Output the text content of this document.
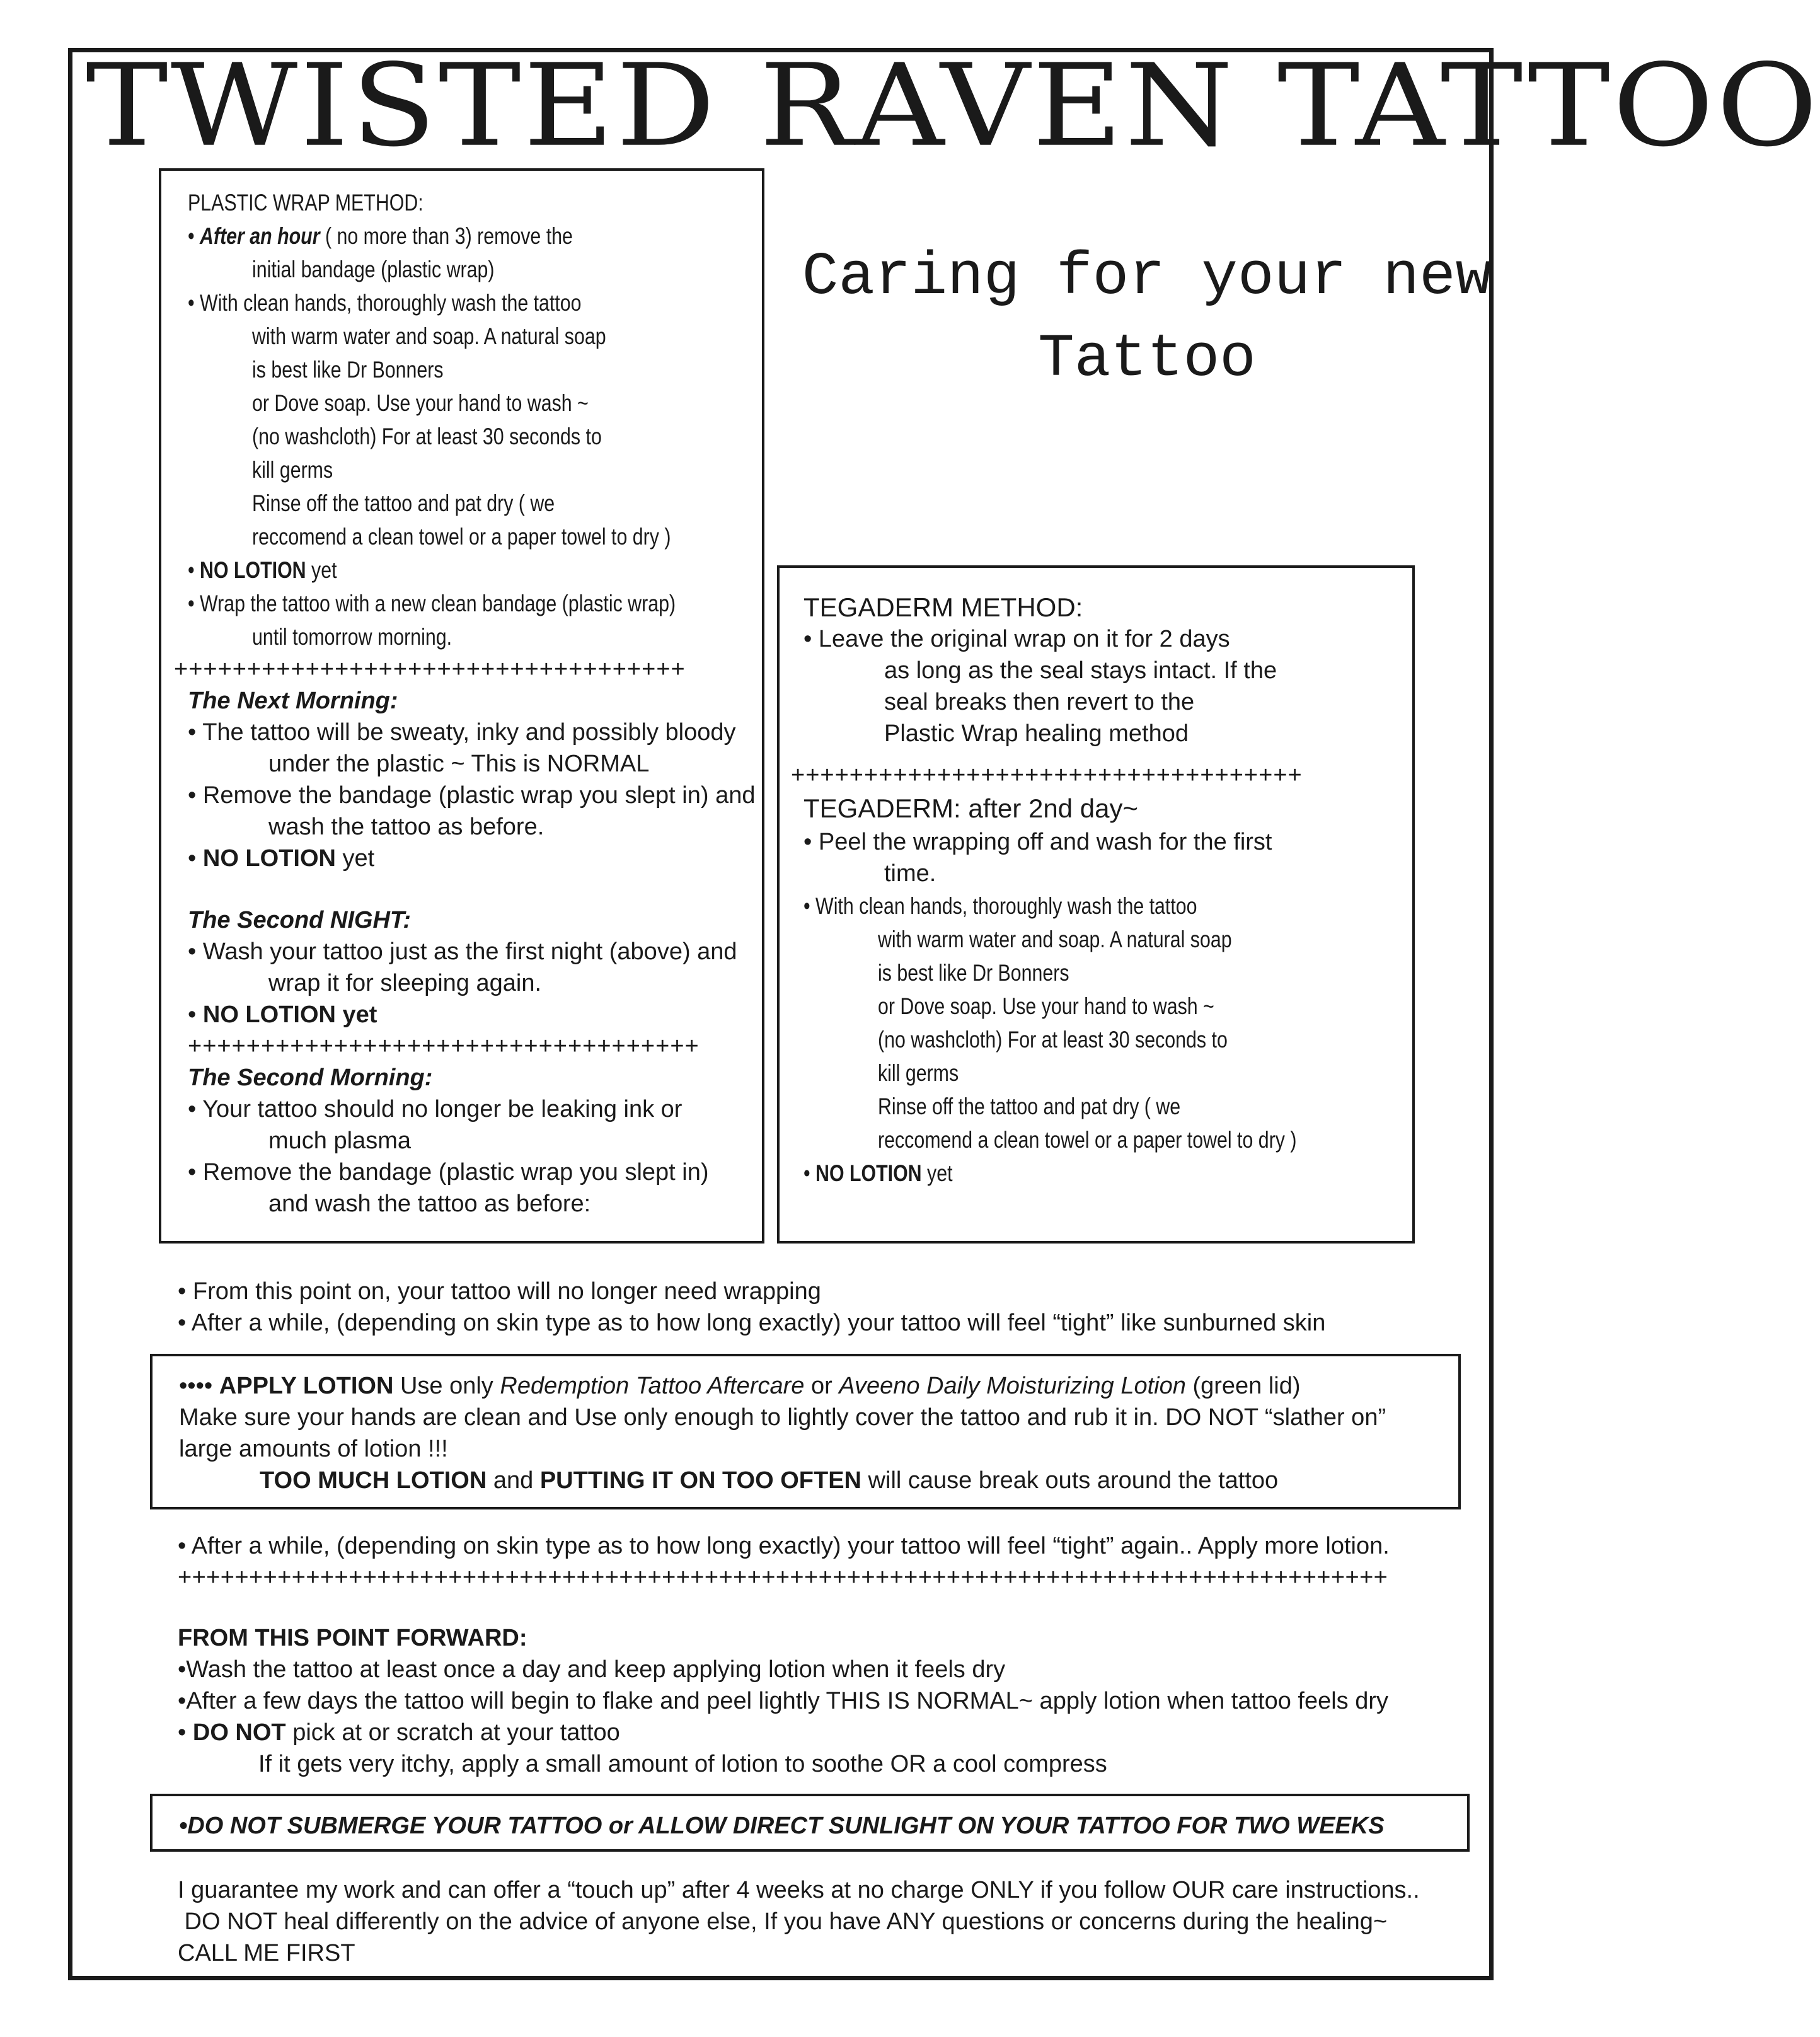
TWISTED RAVEN TATTOO
Caring for your new
Tattoo

PLASTIC WRAP METHOD:

• After an hour ( no more than 3) remove the

initial bandage (plastic wrap)

• With clean hands, thoroughly wash the tattoo

with warm water and soap. A natural soap

is best like Dr Bonners

or Dove soap. Use your hand to wash ~

(no washcloth) For at least 30 seconds to

kill germs

Rinse off the tattoo and pat dry ( we

reccomend a clean towel or a paper towel to dry )

• NO LOTION yet

• Wrap the tattoo with a new clean bandage (plastic wrap)

until tomorrow morning.

+++++++++++++++++++++++++++++++++++

The Next Morning:

• The tattoo will be sweaty, inky and possibly bloody

under the plastic ~ This is NORMAL

• Remove the bandage (plastic wrap you slept in) and

wash the tattoo as before.

• NO LOTION yet

The Second NIGHT:

• Wash your tattoo just as the first night (above) and

wrap it for sleeping again.

• NO LOTION yet

+++++++++++++++++++++++++++++++++++

The Second Morning:

• Your tattoo should no longer be leaking ink or

much plasma

• Remove the bandage (plastic wrap you slept in)

and wash the tattoo as before:

TEGADERM METHOD:

• Leave the original wrap on it for 2 days

as long as the seal stays intact. If the

seal breaks then revert to the

Plastic Wrap healing method

+++++++++++++++++++++++++++++++++++

TEGADERM: after 2nd day~

• Peel the wrapping off and wash for the first

time.

• With clean hands, thoroughly wash the tattoo

with warm water and soap. A natural soap

is best like Dr Bonners

or Dove soap. Use your hand to wash ~

(no washcloth) For at least 30 seconds to

kill germs

Rinse off the tattoo and pat dry ( we

reccomend a clean towel or a paper towel to dry )

• NO LOTION yet

• From this point on, your tattoo will no longer need wrapping

• After a while, (depending on skin type as to how long exactly) your tattoo will feel “tight” like sunburned skin

•••• APPLY LOTION Use only Redemption Tattoo Aftercare or Aveeno Daily Moisturizing Lotion (green lid)

Make sure your hands are clean and Use only enough to lightly cover the tattoo and rub it in. DO NOT “slather on”

large amounts of lotion !!!

TOO MUCH LOTION and PUTTING IT ON TOO OFTEN will cause break outs around the tattoo

• After a while, (depending on skin type as to how long exactly) your tattoo will feel “tight” again.. Apply more lotion.

+++++++++++++++++++++++++++++++++++++++++++++++++++++++++++++++++++++++++++++++++++++

FROM THIS POINT FORWARD:

•Wash the tattoo at least once a day and keep applying lotion when it feels dry

•After a few days the tattoo will begin to flake and peel lightly THIS IS NORMAL~ apply lotion when tattoo feels dry

• DO NOT pick at or scratch at your tattoo

If it gets very itchy, apply a small amount of lotion to soothe OR a cool compress

•DO NOT SUBMERGE YOUR TATTOO or ALLOW DIRECT SUNLIGHT ON YOUR TATTOO FOR TWO WEEKS

I guarantee my work and can offer a “touch up” after 4 weeks at no charge ONLY if you follow OUR care instructions..

DO NOT heal differently on the advice of anyone else, If you have ANY questions or concerns during the healing~

CALL ME FIRST
